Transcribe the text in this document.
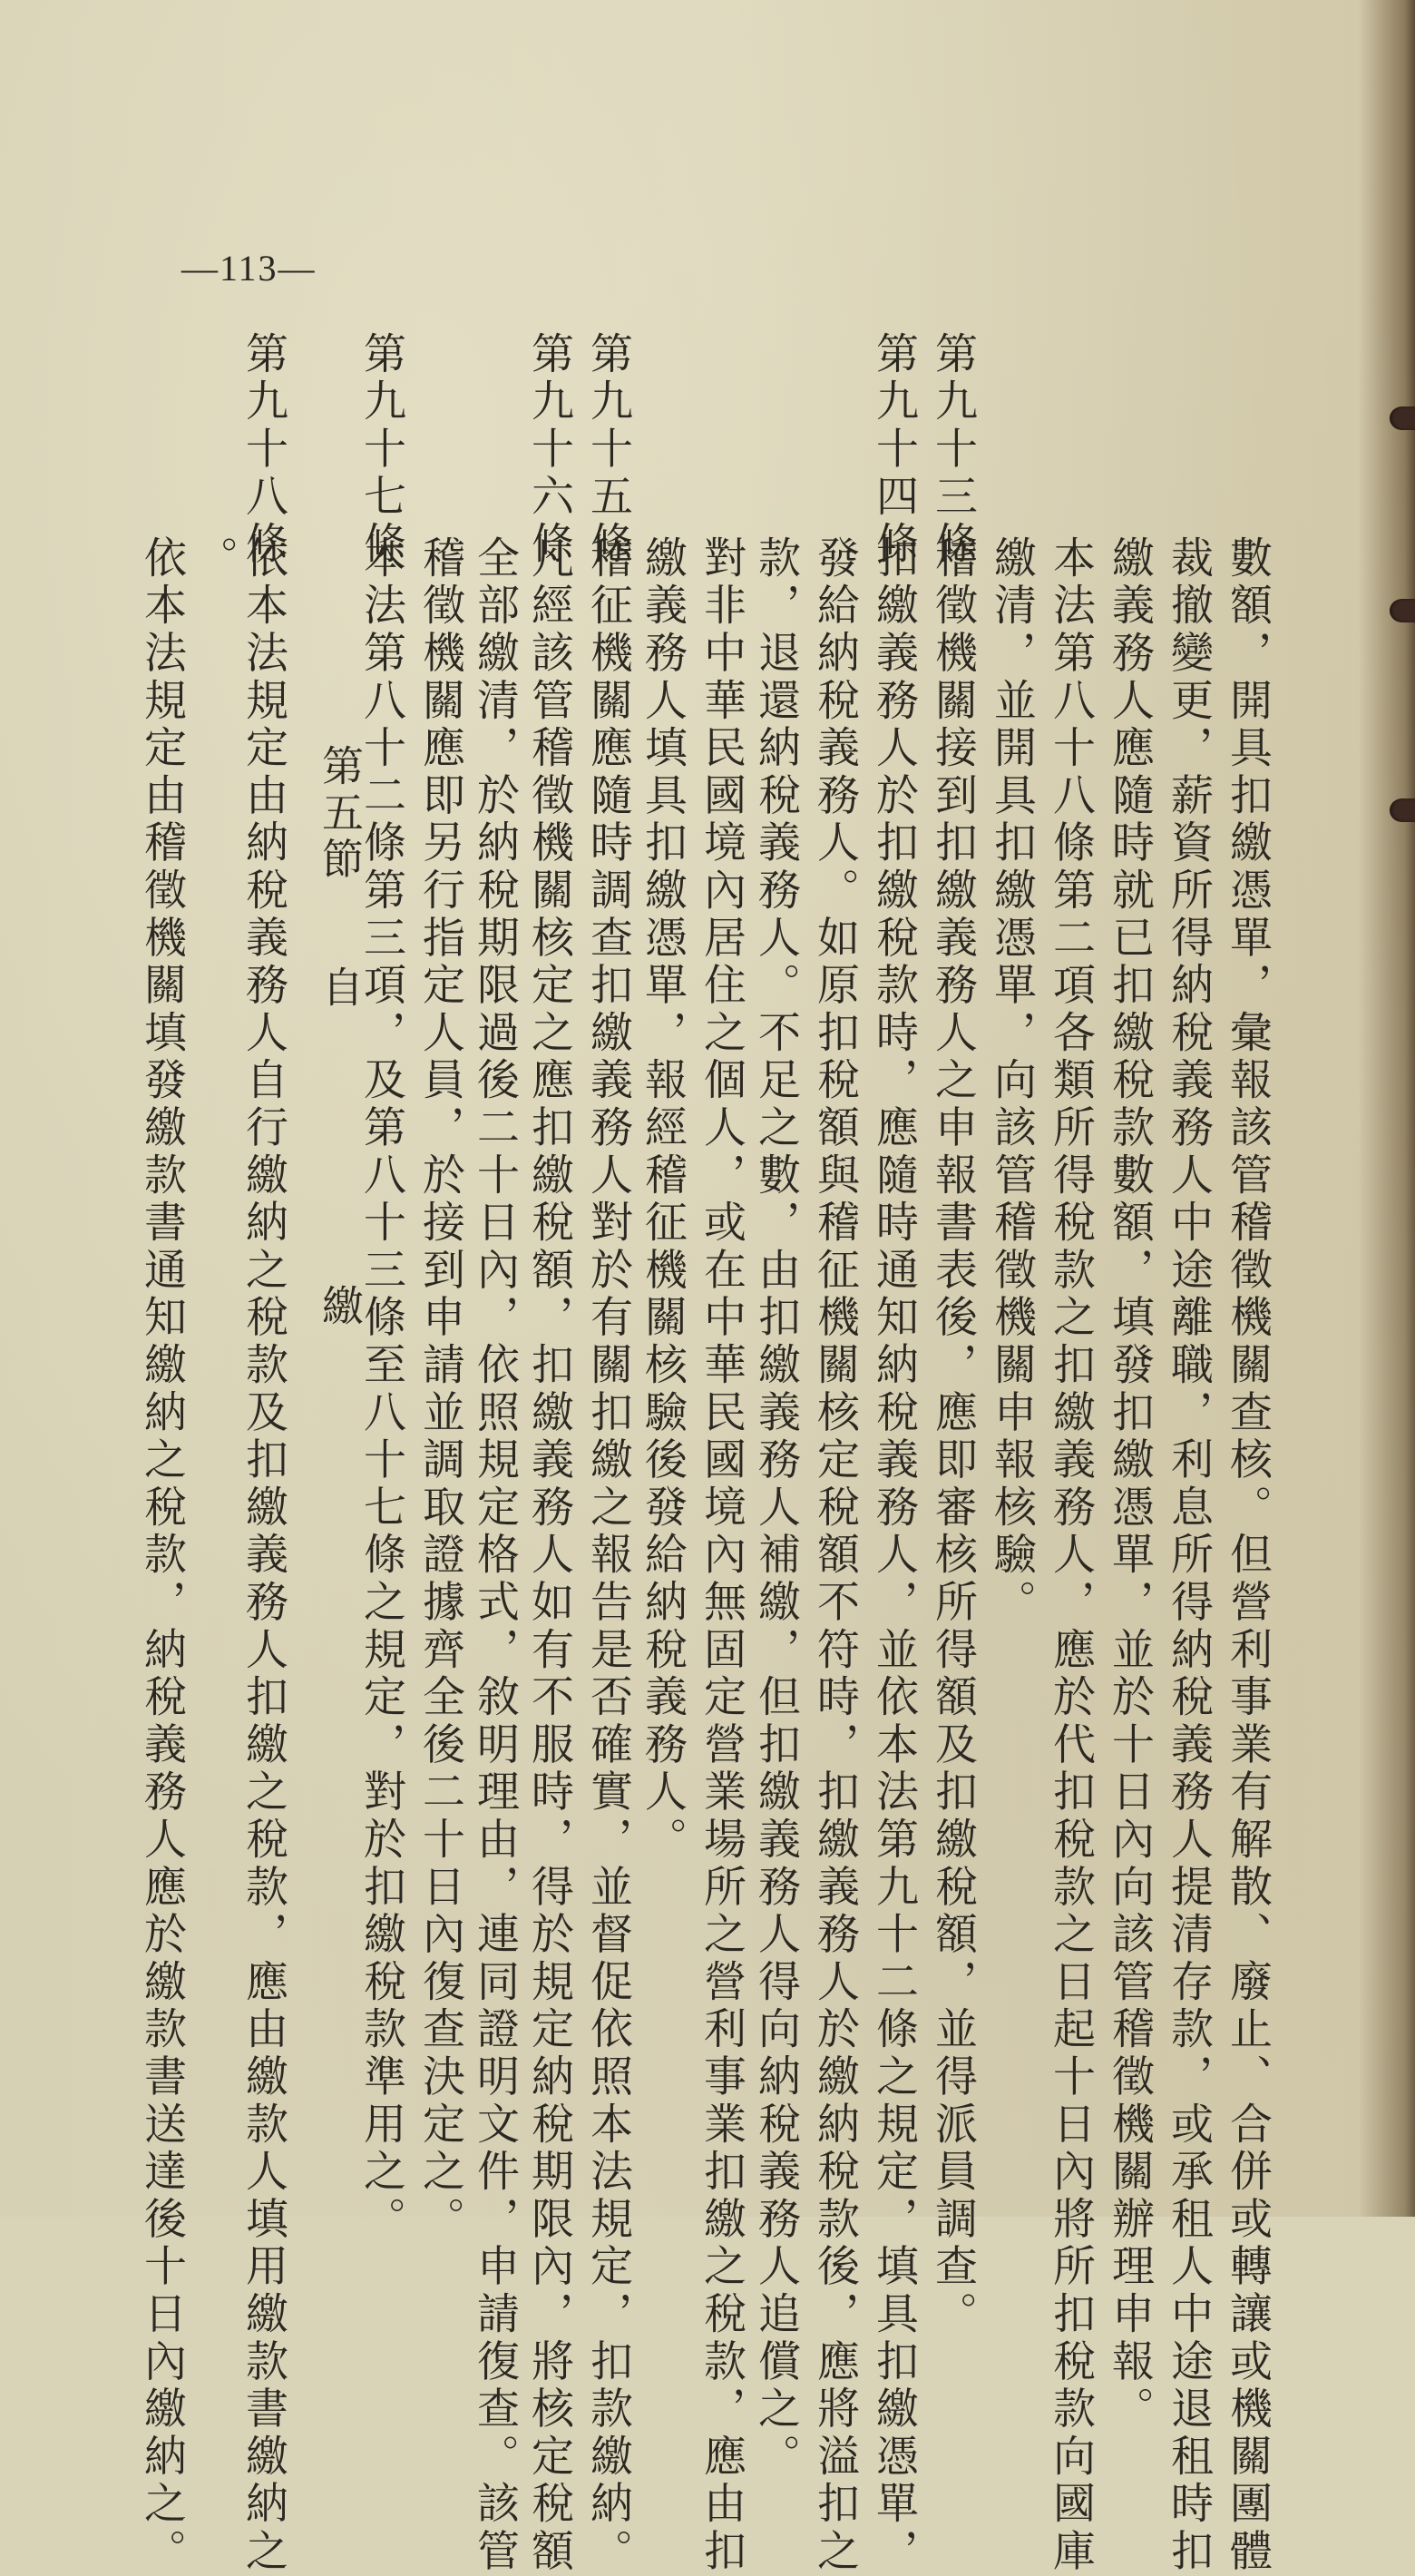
—113—
數額，開具扣繳憑單，彙報該管稽徵機關查核。但營利事業有解散、廢止、合併或轉讓或機關團體
裁撤變更，薪資所得納稅義務人中途離職，利息所得納稅義務人提清存款，或承租人中途退租時扣
繳義務人應隨時就已扣繳稅款數額，填發扣繳憑單，並於十日內向該管稽徵機關辦理申報。
本法第八十八條第二項各類所得稅款之扣繳義務人，應於代扣稅款之日起十日內將所扣稅款向國庫
繳清，並開具扣繳憑單，向該管稽徵機關申報核驗。
第九十三條
稽徵機關接到扣繳義務人之申報書表後，應即審核所得額及扣繳稅額，並得派員調查。
第九十四條
扣繳義務人於扣繳稅款時，應隨時通知納稅義務人，並依本法第九十二條之規定，填具扣繳憑單，
發給納稅義務人。如原扣稅額與稽征機關核定稅額不符時，扣繳義務人於繳納稅款後，應將溢扣之
款，退還納稅義務人。不足之數，由扣繳義務人補繳，但扣繳義務人得向納稅義務人追償之。
對非中華民國境內居住之個人，或在中華民國境內無固定營業場所之營利事業扣繳之稅款，應由扣
繳義務人填具扣繳憑單，報經稽征機關核驗後發給納稅義務人。
第九十五條
稽征機關應隨時調查扣繳義務人對於有關扣繳之報告是否確實，並督促依照本法規定，扣款繳納。
第九十六條
凡經該管稽徵機關核定之應扣繳稅額，扣繳義務人如有不服時，得於規定納稅期限內，將核定稅額
全部繳清，於納稅期限過後二十日內，依照規定格式，敘明理由，連同證明文件，申請復查。該管
稽徵機關應即另行指定人員，於接到申請並調取證據齊全後二十日內復查決定之。
第九十七條
本法第八十二條第三項，及第八十三條至八十七條之規定，對於扣繳稅款準用之。
第五節自繳
第九十八條
依本法規定由納稅義務人自行繳納之稅款及扣繳義務人扣繳之稅款，應由繳款人填用繳款書繳納之
。
依本法規定由稽徵機關填發繳款書通知繳納之稅款，納稅義務人應於繳款書送達後十日內繳納之。
